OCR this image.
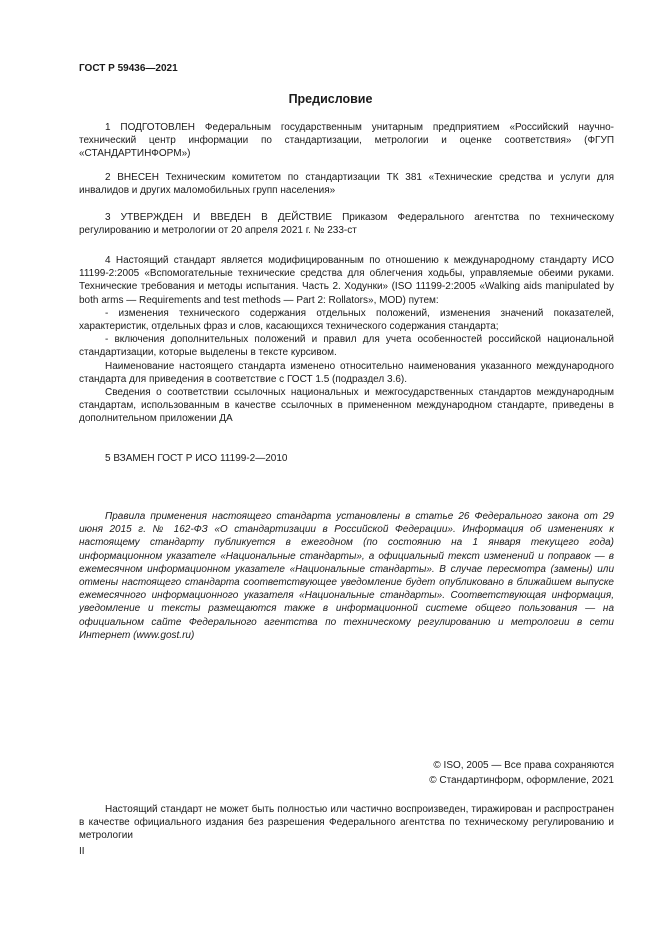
ГОСТ Р 59436—2021
Предисловие

1 ПОДГОТОВЛЕН Федеральным государственным унитарным предприятием «Российский научно-технический центр информации по стандартизации, метрологии и оценке соответствия» (ФГУП «СТАНДАРТИНФОРМ»)

2 ВНЕСЕН Техническим комитетом по стандартизации ТК 381 «Технические средства и услуги для инвалидов и других маломобильных групп населения»

3 УТВЕРЖДЕН И ВВЕДЕН В ДЕЙСТВИЕ Приказом Федерального агентства по техническому регулированию и метрологии от 20 апреля 2021 г. № 233-ст

4 Настоящий стандарт является модифицированным по отношению к международному стандарту ИСО 11199-2:2005 «Вспомогательные технические средства для облегчения ходьбы, управляемые обеими руками. Технические требования и методы испытания. Часть 2. Ходунки» (ISO 11199-2:2005 «Walking aids manipulated by both arms — Requirements and test methods — Part 2: Rollators», MOD) путем:

- изменения технического содержания отдельных положений, изменения значений показателей, характеристик, отдельных фраз и слов, касающихся технического содержания стандарта;

- включения дополнительных положений и правил для учета особенностей российской национальной стандартизации, которые выделены в тексте курсивом.

Наименование настоящего стандарта изменено относительно наименования указанного международного стандарта для приведения в соответствие с ГОСТ 1.5 (подраздел 3.6).

Сведения о соответствии ссылочных национальных и межгосударственных стандартов международным стандартам, использованным в качестве ссылочных в примененном международном стандарте, приведены в дополнительном приложении ДА

5 ВЗАМЕН ГОСТ Р ИСО 11199-2—2010

Правила применения настоящего стандарта установлены в статье 26 Федерального закона от 29 июня 2015 г. № 162-ФЗ «О стандартизации в Российской Федерации». Информация об изменениях к настоящему стандарту публикуется в ежегодном (по состоянию на 1 января текущего года) информационном указателе «Национальные стандарты», а официальный текст изменений и поправок — в ежемесячном информационном указателе «Национальные стандарты». В случае пересмотра (замены) или отмены настоящего стандарта соответствующее уведомление будет опубликовано в ближайшем выпуске ежемесячного информационного указателя «Национальные стандарты». Соответствующая информация, уведомление и тексты размещаются также в информационной системе общего пользования — на официальном сайте Федерального агентства по техническому регулированию и метрологии в сети Интернет (www.gost.ru)

© ISO, 2005 — Все права сохраняются
© Стандартинформ, оформление, 2021

Настоящий стандарт не может быть полностью или частично воспроизведен, тиражирован и распространен в качестве официального издания без разрешения Федерального агентства по техническому регулированию и метрологии

II
